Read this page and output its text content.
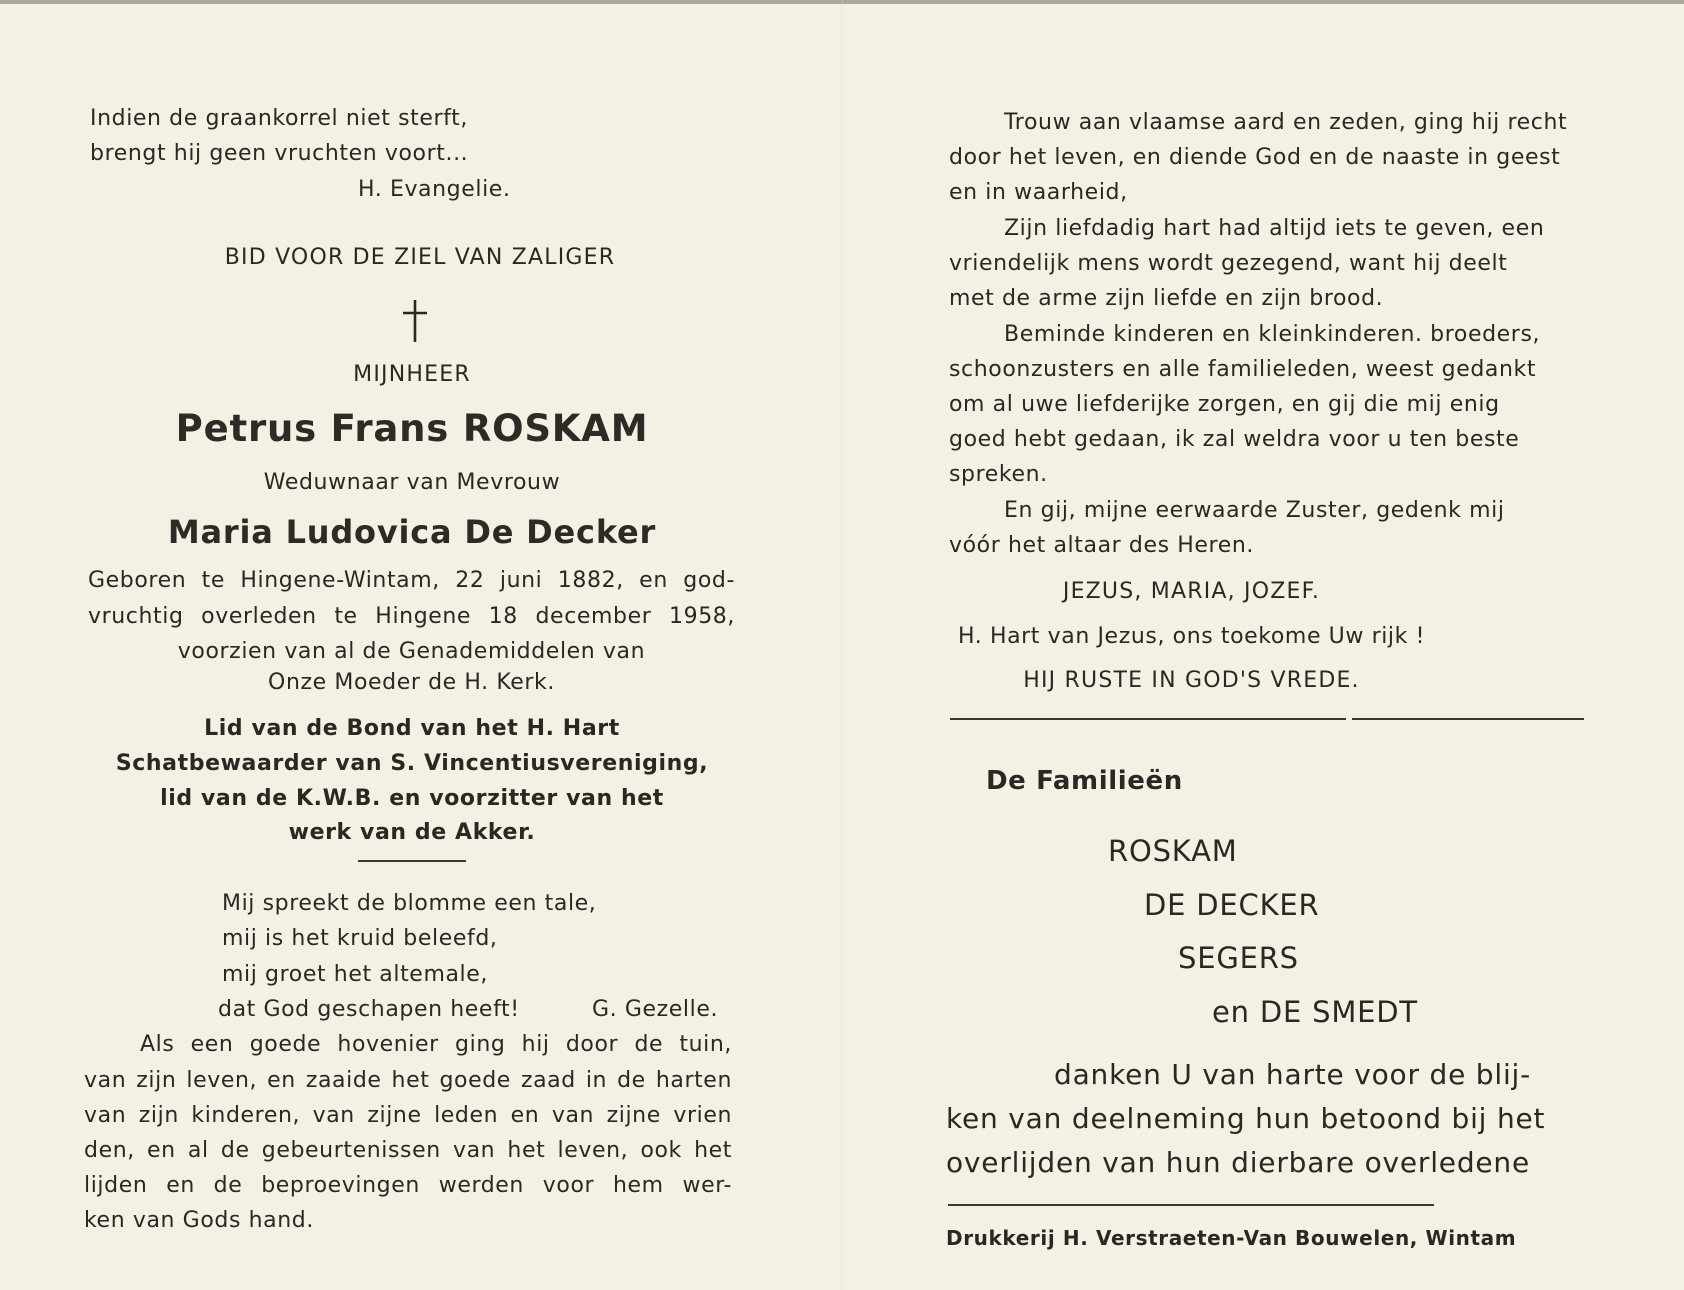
Indien de graankorrel niet sterft,
brengt hij geen vruchten voort...
H. Evangelie.
BID VOOR DE ZIEL VAN ZALIGER
MIJNHEER
Petrus Frans ROSKAM
Weduwnaar van Mevrouw
Maria Ludovica De Decker
Geboren te Hingene-Wintam, 22 juni 1882, en god-
vruchtig overleden te Hingene 18 december 1958,
voorzien van al de Genademiddelen van
Onze Moeder de H. Kerk.
Lid van de Bond van het H. Hart
Schatbewaarder van S. Vincentiusvereniging,
lid van de K.W.B. en voorzitter van het
werk van de Akker.
Mij spreekt de blomme een tale,
mij is het kruid beleefd,
mij groet het altemale,
dat God geschapen heeft!	G. Gezelle.
Als een goede hovenier ging hij door de tuin,
van zijn leven, en zaaide het goede zaad in de harten
van zijn kinderen, van zijne leden en van zijne vrien
den, en al de gebeurtenissen van het leven, ook het
lijden en de beproevingen werden voor hem wer-
ken van Gods hand.
Trouw aan vlaamse aard en zeden, ging hij recht
door het leven, en diende God en de naaste in geest
en in waarheid,
Zijn liefdadig hart had altijd iets te geven, een
vriendelijk mens wordt gezegend, want hij deelt
met de arme zijn liefde en zijn brood.
Beminde kinderen en kleinkinderen. broeders,
schoonzusters en alle familieleden, weest gedankt
om al uwe liefderijke zorgen, en gij die mij enig
goed hebt gedaan, ik zal weldra voor u ten beste
spreken.
En gij, mijne eerwaarde Zuster, gedenk mij
vóór het altaar des Heren.
JEZUS, MARIA, JOZEF.
H. Hart van Jezus, ons toekome Uw rijk !
HIJ RUSTE IN GOD'S VREDE.
De Familieën
ROSKAM
DE DECKER
SEGERS
en DE SMEDT
danken U van harte voor de blij-
ken van deelneming hun betoond bij het
overlijden van hun dierbare overledene
Drukkerij H. Verstraeten-Van Bouwelen, Wintam
